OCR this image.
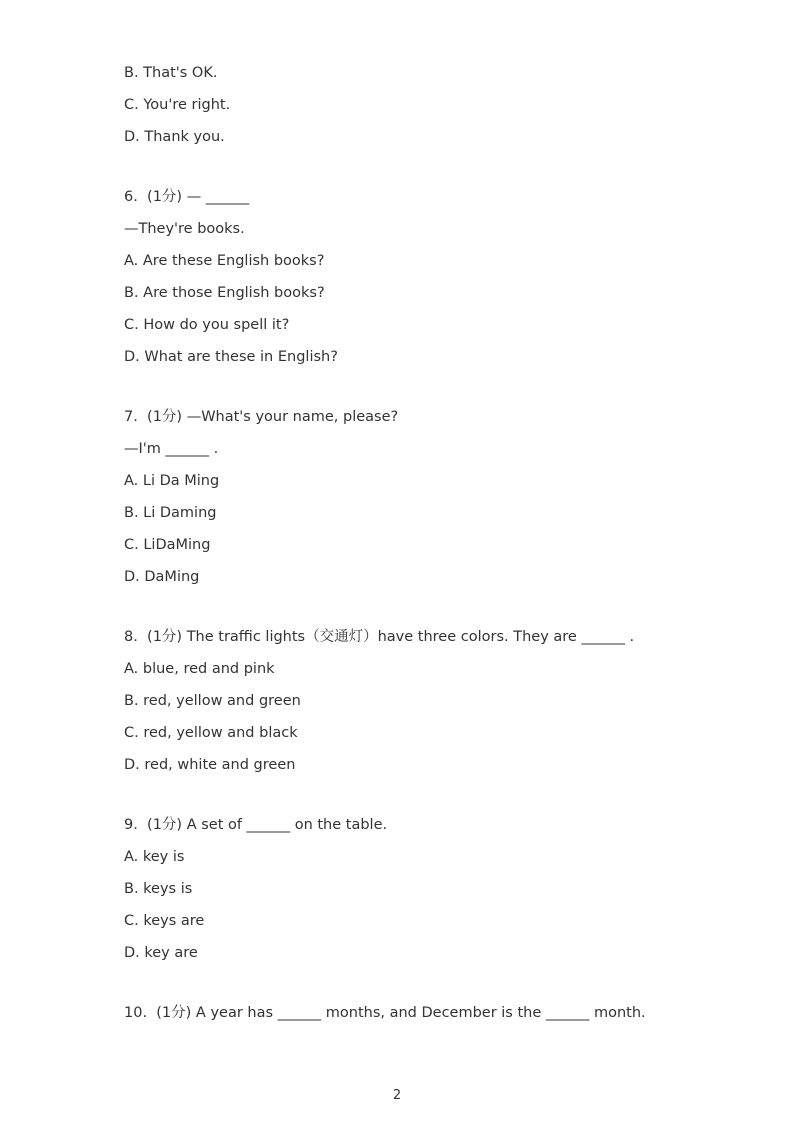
B. That's OK.
C. You're right.
D. Thank you.
6.  (1分) — ______
—They're books.
A. Are these English books?
B. Are those English books?
C. How do you spell it?
D. What are these in English?
7.  (1分) —What's your name, please?
—I'm ______ .
A. Li Da Ming
B. Li Daming
C. LiDaMing
D. DaMing
8.  (1分) The traffic lights（交通灯）have three colors. They are ______ .
A. blue, red and pink
B. red, yellow and green
C. red, yellow and black
D. red, white and green
9.  (1分) A set of ______ on the table.
A. key is
B. keys is
C. keys are
D. key are
10.  (1分) A year has ______ months, and December is the ______ month.
2
